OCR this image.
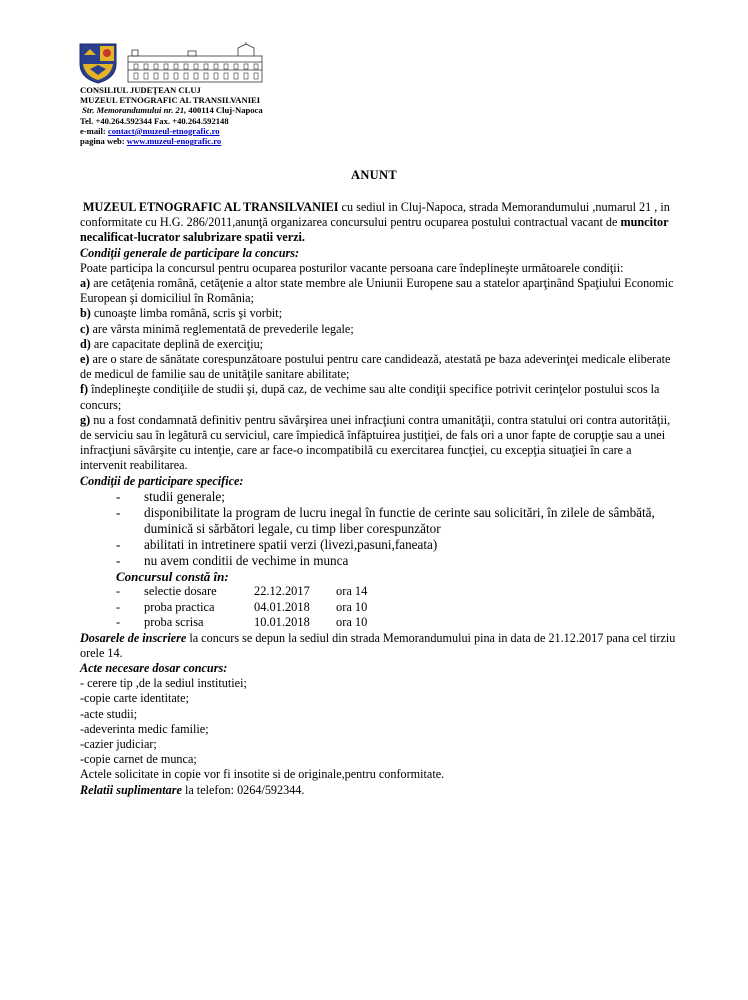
CONSILIUL JUDEŢEAN CLUJ
MUZEUL ETNOGRAFIC AL TRANSILVANIEI
Str. Memorandumului nr. 21, 400114 Cluj-Napoca
Tel. +40.264.592344 Fax. +40.264.592148
e-mail: contact@muzeul-etnografic.ro
pagina web: www.muzeul-enografic.ro
ANUNT

MUZEUL ETNOGRAFIC AL TRANSILVANIEI cu sediul in Cluj-Napoca, strada Memorandumului ,numarul 21 , in conformitate cu H.G. 286/2011,anunţă organizarea concursului pentru ocuparea postului contractual vacant de muncitor necalificat-lucrator salubrizare spatii verzi.

Condiţii generale de participare la concurs:

Poate participa la concursul pentru ocuparea posturilor vacante persoana care îndeplineşte următoarele condiţii:

a) are cetăţenia română, cetăţenie a altor state membre ale Uniunii Europene sau a statelor aparţinând Spaţiului Economic European şi domiciliul în România;

b) cunoaşte limba română, scris şi vorbit;

c) are vârsta minimă reglementată de prevederile legale;

d) are capacitate deplină de exerciţiu;

e) are o stare de sănătate corespunzătoare postului pentru care candidează, atestată pe baza adeverinţei medicale eliberate de medicul de familie sau de unităţile sanitare abilitate;

f) îndeplineşte condiţiile de studii şi, după caz, de vechime sau alte condiţii specifice potrivit cerinţelor postului scos la concurs;

g) nu a fost condamnată definitiv pentru săvârşirea unei infracţiuni contra umanităţii, contra statului ori contra autorităţii, de serviciu sau în legătură cu serviciul, care împiedică înfăptuirea justiţiei, de fals ori a unor fapte de corupţie sau a unei infracţiuni săvârşite cu intenţie, care ar face-o incompatibilă cu exercitarea funcţiei, cu excepţia situaţiei în care a intervenit reabilitarea.

Condiţii de participare specifice:

- studii generale;
- disponibilitate la program de lucru inegal în functie de cerinte sau solicitări, în zilele de sâmbătă, duminică si sărbători legale, cu timp liber corespunzător
- abilitati in intretinere spatii verzi (livezi,pasuni,faneata)
- nu avem conditii de vechime in munca

Concursul constă în:

-	selectie dosare	22.12.2017	ora 14
-	proba practica	04.01.2018	ora 10
-	proba scrisa	10.01.2018	ora 10

Dosarele de inscriere la concurs se depun la sediul din strada Memorandumului pina in data de 21.12.2017 pana cel tirziu orele 14.

Acte necesare dosar concurs:

- cerere tip ,de la sediul institutiei;

-copie carte identitate;

-acte studii;

-adeverinta medic familie;

-cazier judiciar;

-copie carnet de munca;

Actele solicitate in copie vor fi insotite si de originale,pentru conformitate.

Relatii suplimentare la telefon: 0264/592344.
